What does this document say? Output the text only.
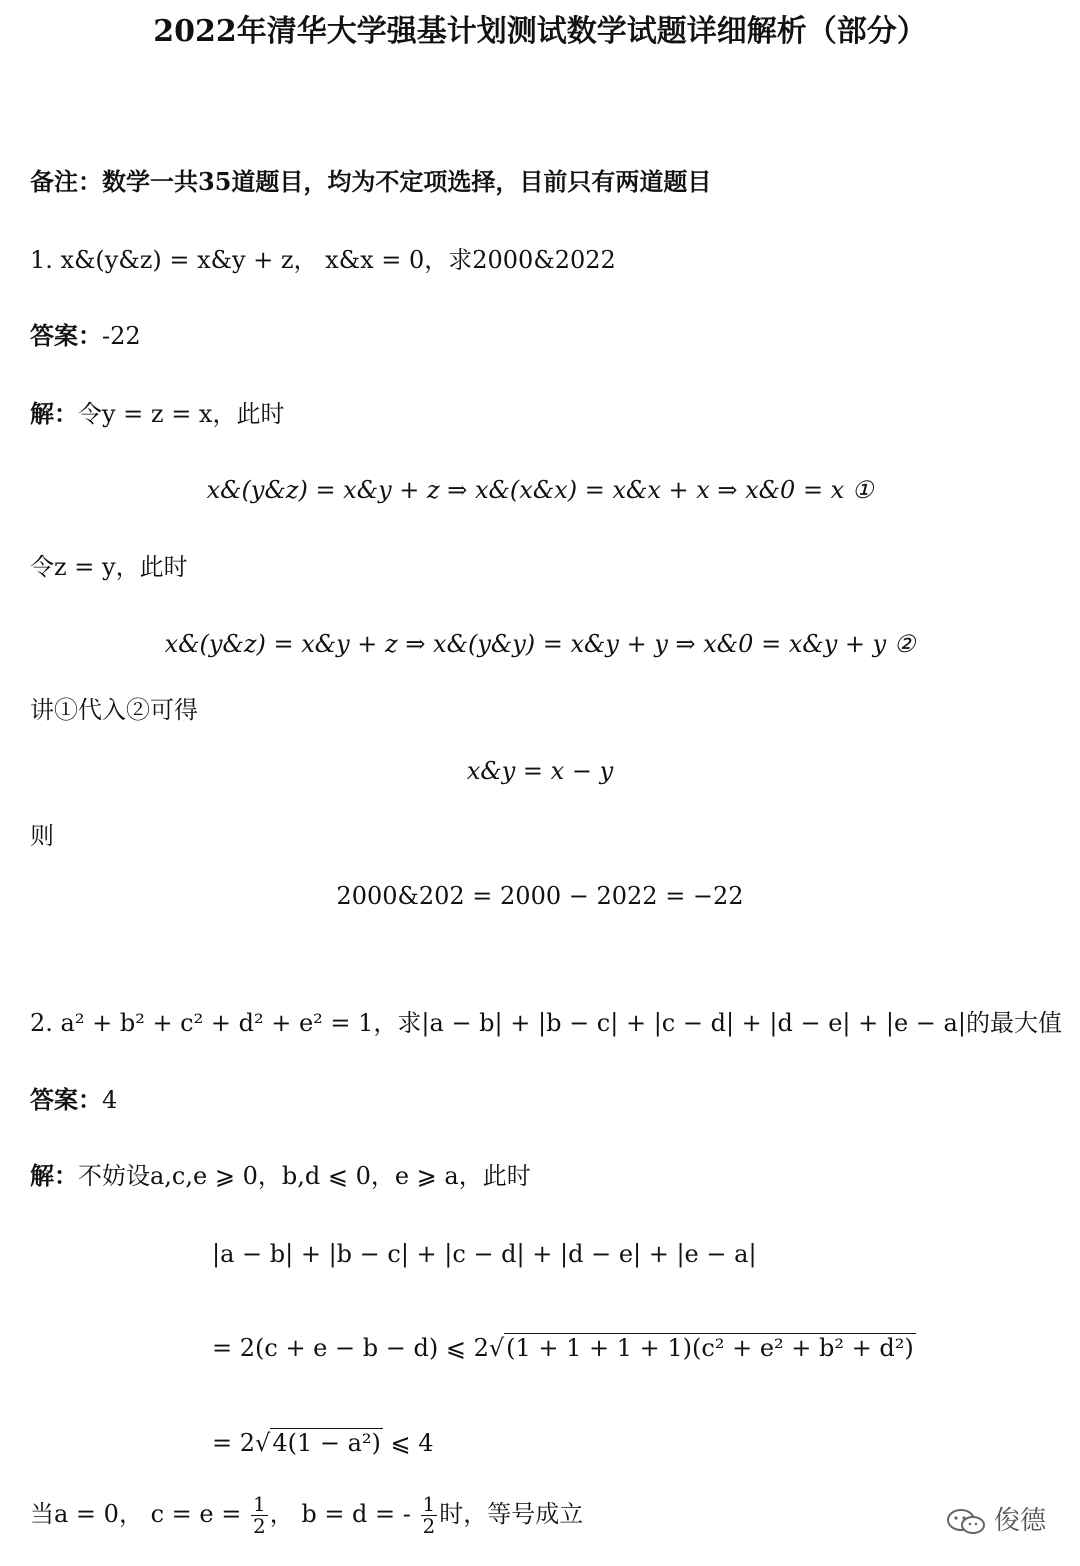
2022年清华大学强基计划测试数学试题详细解析（部分）
备注：数学一共35道题目，均为不定项选择，目前只有两道题目
1. x&(y&z) = x&y + z， x&x = 0，求2000&2022
答案：-22
解：令y = z = x，此时
x&(y&z) = x&y + z ⇒ x&(x&x) = x&x + x ⇒ x&0 = x ①
令z = y，此时
x&(y&z) = x&y + z ⇒ x&(y&y) = x&y + y ⇒ x&0 = x&y + y ②
讲①代入②可得
x&y = x − y
则
2000&202 = 2000 − 2022 = −22
2. a² + b² + c² + d² + e² = 1，求|a − b| + |b − c| + |c − d| + |d − e| + |e − a|的最大值
答案：4
解：不妨设a,c,e ⩾ 0，b,d ⩽ 0，e ⩾ a，此时
|a − b| + |b − c| + |c − d| + |d − e| + |e − a|
= 2(c + e − b − d) ⩽ 2√(1 + 1 + 1 + 1)(c² + e² + b² + d²)
= 2√4(1 − a²) ⩽ 4
当a = 0， $c = e = \frac{1}{2}$ ， b = d = - $\frac{1}{2}$ 时，等号成立	俊德
